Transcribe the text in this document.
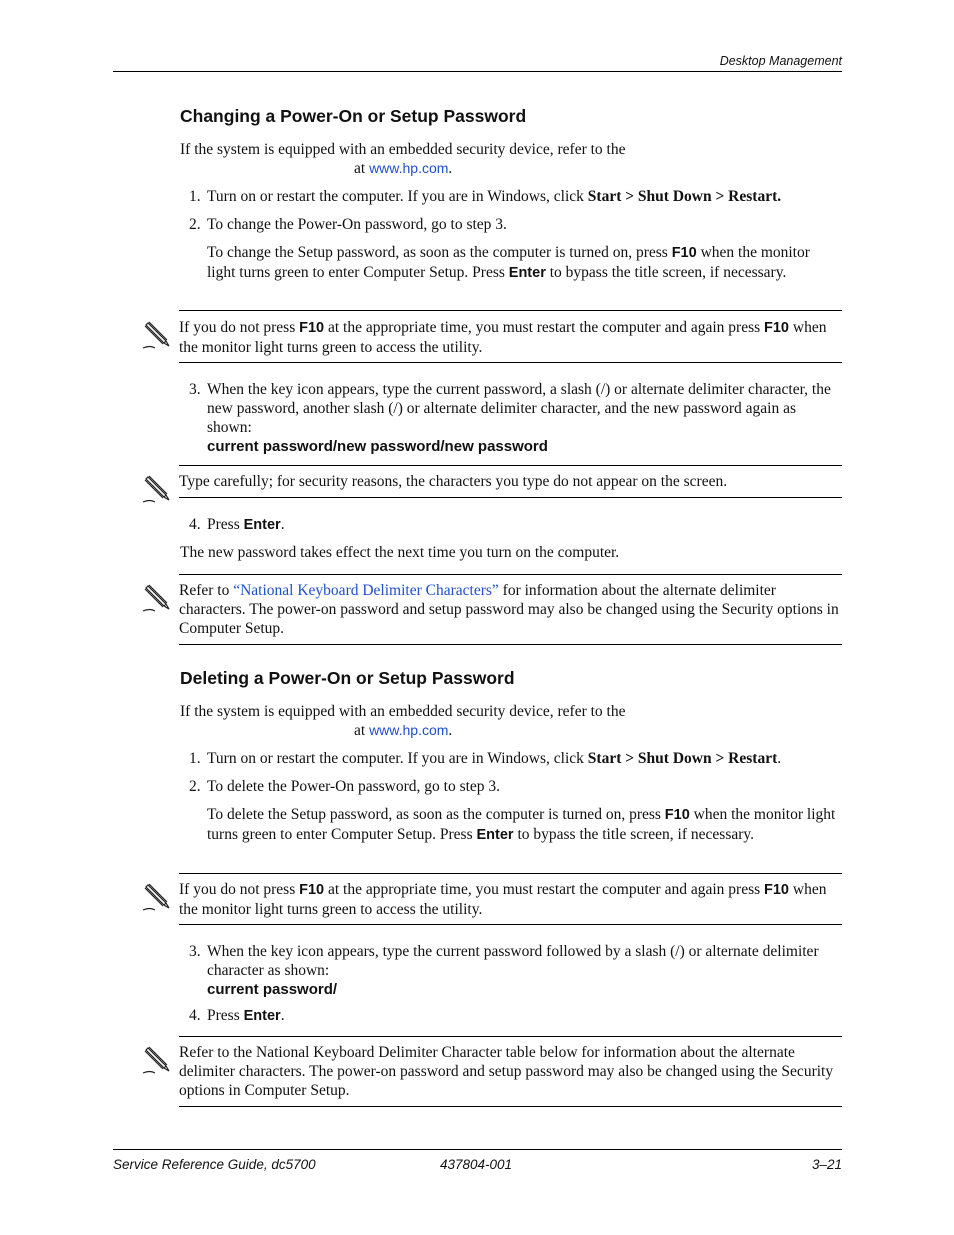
Desktop Management
Changing a Power-On or Setup Password
If the system is equipped with an embedded security device, refer to the
at www.hp.com.
1. Turn on or restart the computer. If you are in Windows, click Start > Shut Down > Restart.
2. To change the Power-On password, go to step 3.
To change the Setup password, as soon as the computer is turned on, press F10 when the monitor light turns green to enter Computer Setup. Press Enter to bypass the title screen, if necessary.
If you do not press F10 at the appropriate time, you must restart the computer and again press F10 when the monitor light turns green to access the utility.
3. When the key icon appears, type the current password, a slash (/) or alternate delimiter character, the new password, another slash (/) or alternate delimiter character, and the new password again as shown:
current password/new password/new password
Type carefully; for security reasons, the characters you type do not appear on the screen.
4. Press Enter.
The new password takes effect the next time you turn on the computer.
Refer to “National Keyboard Delimiter Characters” for information about the alternate delimiter characters. The power-on password and setup password may also be changed using the Security options in Computer Setup.
Deleting a Power-On or Setup Password
If the system is equipped with an embedded security device, refer to the
at www.hp.com.
1. Turn on or restart the computer. If you are in Windows, click Start > Shut Down > Restart.
2. To delete the Power-On password, go to step 3.
To delete the Setup password, as soon as the computer is turned on, press F10 when the monitor light turns green to enter Computer Setup. Press Enter to bypass the title screen, if necessary.
If you do not press F10 at the appropriate time, you must restart the computer and again press F10 when the monitor light turns green to access the utility.
3. When the key icon appears, type the current password followed by a slash (/) or alternate delimiter character as shown:
current password/
4. Press Enter.
Refer to the National Keyboard Delimiter Character table below for information about the alternate delimiter characters. The power-on password and setup password may also be changed using the Security options in Computer Setup.
Service Reference Guide, dc5700	437804-001	3–21
